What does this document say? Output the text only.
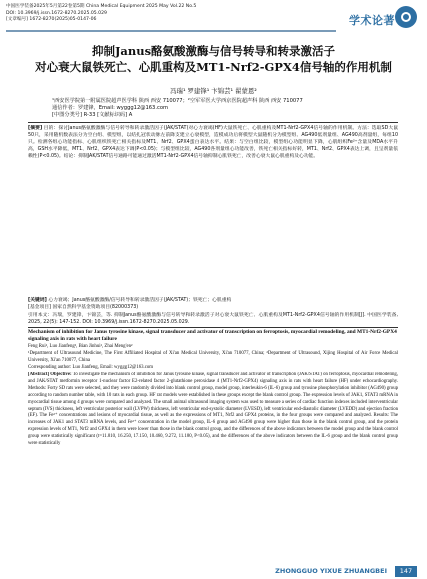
中国医学装备2025年5月第22卷第5期 China Medical Equipment 2025 May Vol.22 No.5
DOI: 10.3969/j.issn.1672-8270.2025.05.029
[文章编号] 1672-8270(2025)05-0147-06	学术论著
抑制Janus酪氨酸激酶与信号转导和转录激活子
对心衰大鼠铁死亡、心肌重构及MT1-Nrf2-GPX4信号轴的作用机制
冯瑞¹ 罗建锋¹ 卞锦芸¹ 翟蒙恩²
¹西安医学院第一附属医院超声医学科 陕西 西安 710077；²空军军医大学西京医院超声科 陕西 西安 710077
通信作者：罗建锋，Email: wyggg12@163.com
[中图分类号] R-33 [文献标识码] A
[摘要] 目的：探讨Janus酪氨酸激酶与信号转导和转录激活因子(JAK/STAT)对心力衰竭(HF)大鼠铁死亡、心肌重构及MT1-Nrf2-GPX4信号轴的作用机制。方法：选取SD大鼠50只，采用随机数表法分为空白组、模型组，以结扎冠状动脉左前降支建立心衰模型，造模成功后将模型大鼠随机分为模型组、AG490低剂量组、AG490高剂量组，每组10只。检测各组心功能指标、心肌组织铁死亡相关指标及MT1、Nrf2、GPX4蛋白表达水平。结果：与空白组比较，模型组心功能明显下降，心肌组织Fe²⁺含量及MDA水平升高，GSH水平降低，MT1、Nrf2、GPX4表达下调(P<0.05)；与模型组比较，AG490各剂量组心功能改善，铁死亡相关指标好转，MT1、Nrf2、GPX4表达上调，且呈剂量依赖性(P<0.05)。结论：抑制JAK/STAT信号通路可能通过激活MT1-Nrf2-GPX4信号轴抑制心肌铁死亡，改善心衰大鼠心肌重构及心功能。
[关键词] 心力衰竭；Janus酪氨酸激酶/信号转导和转录激活因子(JAK/STAT)；铁死亡；心肌重构
[基金项目] 国家自然科学基金资助项目(82000373)
引用本文：冯瑞，罗建锋，卞锦芸，等. 抑制Janus酪氨酸激酶与信号转导和转录激活子对心衰大鼠铁死亡、心肌重构及MT1-Nrf2-GPX4信号轴的作用机制[J]. 中国医学装备, 2025, 22(5): 147-152. DOI: 10.3969/j.issn.1672-8270.2025.05.029.
Mechanism of inhibition for Janus tyrosine kinase, signal transducer and activator of transcription on ferroptosis, myocardial remodeling, and MT1-Nrf2-GPX4 signaling axis in rats with heart failure
Feng Rui¹, Luo Jianfeng¹, Bian Jinhui¹, Zhai Meng'en²
¹Department of Ultrasound Medicine, The First Affiliated Hospital of Xi'an Medical University, Xi'an 710077, China; ²Department of Ultrasound, Xijing Hospital of Air Force Medical University, Xi'an 710077, China
Corresponding author: Luo Jianfeng, Email: wyggg12@163.com
[Abstract] Objective: To investigate the mechanism of inhibition for Janus tyrosine kinase, signal transducer and activator of transcription (JAK/STAT) on ferroptosis, myocardial remodeling, and JAK/STAT metformin receptor 1-nuclear factor E2-related factor 2-glutathione peroxidase 4 (MT1-Nrf2-GPX4) signaling axis in rats with heart failure (HF) under echocardiography. Methods: Forty SD rats were selected, and they were randomly divided into blank control group, model group, interleukin-6 (IL-6) group and tyrosine phosphorylation inhibitor (AG490) group according to random number table, with 10 rats in each group. HF rat models were established in these groups except the blank control group. The expression levels of JAK1, STAT3 mRNA in myocardial tissue among 4 groups were compared and analyzed. The small animal ultrasound imaging system was used to measure a series of cardiac function indexes included interventricular septum (IVS) thickness, left ventricular posterior wall (LVPW) thickness, left ventricular end-systolic diameter (LVESD), left ventricular end-diastolic diameter (LVEDD) and ejection fraction (EF). The Fe²⁺ concentrations and lesions of myocardial tissue, as well as the expressions of MT1, Nrf2 and GPX4 proteins, in the four groups were compared and analyzed. Results: The increases of JAK1 and STAT3 mRNA levels, and Fe²⁺ concentration in the model group, IL-6 group and AG490 group were higher than those in the blank control group, and the protein expression levels of MT1, Nrf2 and GPX4 in them were lower than those in the blank control group, and the differences of the above indicators between the model group and the blank control group were statistically significant (t=11.810, 16.250, 17.150, 10.460, 9.272, 11.180, P<0.05), and the differences of the above indicators between the IL-6 group and the blank control group were statistically
ZHONGGUO YIXUE ZHUANGBEI	147
